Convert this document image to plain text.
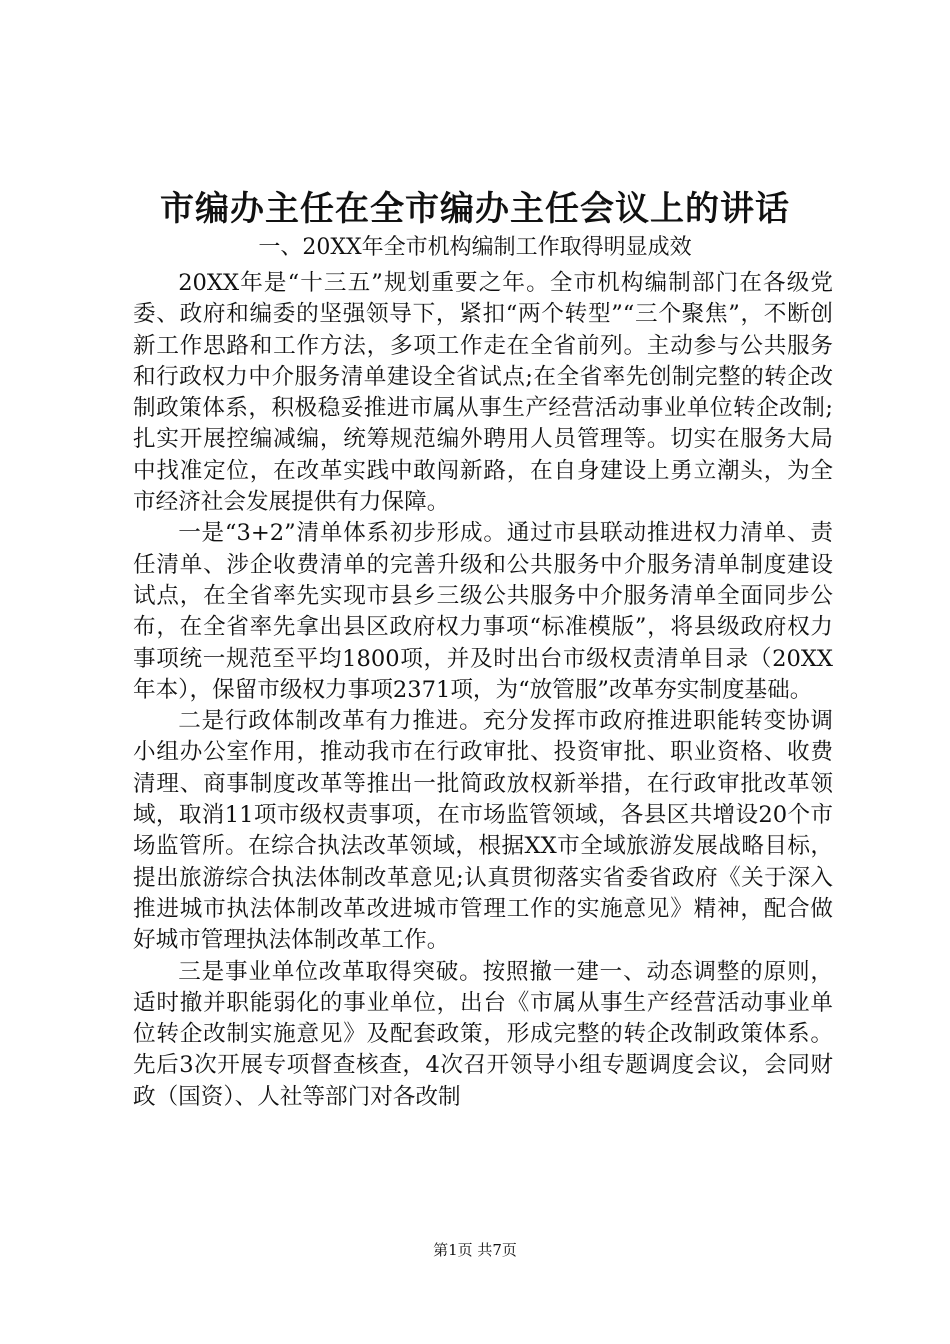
市编办主任在全市编办主任会议上的讲话
一、20XX年全市机构编制工作取得明显成效

20XX年是“十三五”规划重要之年。全市机构编制部门在各级党委、政府和编委的坚强领导下，紧扣“两个转型”“三个聚焦”，不断创新工作思路和工作方法，多项工作走在全省前列。主动参与公共服务和行政权力中介服务清单建设全省试点;在全省率先创制完整的转企改制政策体系，积极稳妥推进市属从事生产经营活动事业单位转企改制;扎实开展控编减编，统筹规范编外聘用人员管理等。切实在服务大局中找准定位，在改革实践中敢闯新路，在自身建设上勇立潮头，为全市经济社会发展提供有力保障。

一是“3+2”清单体系初步形成。通过市县联动推进权力清单、责任清单、涉企收费清单的完善升级和公共服务中介服务清单制度建设试点，在全省率先实现市县乡三级公共服务中介服务清单全面同步公布，在全省率先拿出县区政府权力事项“标准模版”，将县级政府权力事项统一规范至平均1800项，并及时出台市级权责清单目录（20XX年本），保留市级权力事项2371项，为“放管服”改革夯实制度基础。

二是行政体制改革有力推进。充分发挥市政府推进职能转变协调小组办公室作用，推动我市在行政审批、投资审批、职业资格、收费清理、商事制度改革等推出一批简政放权新举措，在行政审批改革领域，取消11项市级权责事项，在市场监管领域，各县区共增设20个市场监管所。在综合执法改革领域，根据XX市全域旅游发展战略目标，提出旅游综合执法体制改革意见;认真贯彻落实省委省政府《关于深入推进城市执法体制改革改进城市管理工作的实施意见》精神，配合做好城市管理执法体制改革工作。

三是事业单位改革取得突破。按照撤一建一、动态调整的原则，适时撤并职能弱化的事业单位，出台《市属从事生产经营活动事业单位转企改制实施意见》及配套政策，形成完整的转企改制政策体系。先后3次开展专项督查核查，4次召开领导小组专题调度会议，会同财政（国资）、人社等部门对各改制

第1页 共7页
